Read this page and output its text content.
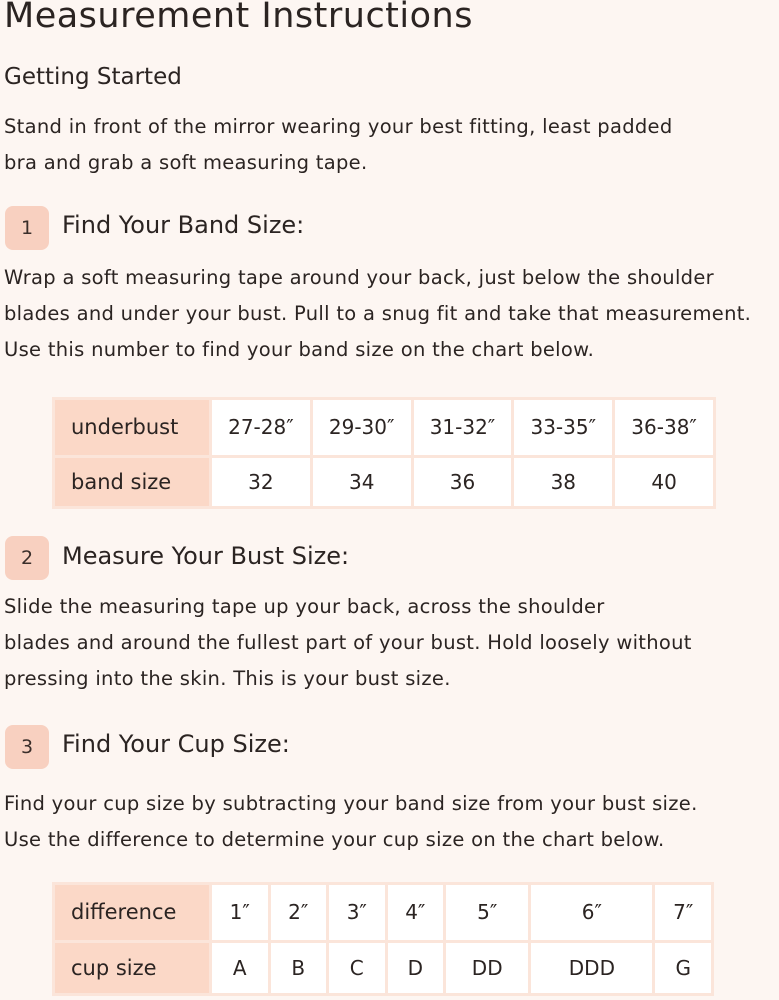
Measurement Instructions
Getting Started
Stand in front of the mirror wearing your best fitting, least padded
bra and grab a soft measuring tape.
1	Find Your Band Size:
Wrap a soft measuring tape around your back, just below the shoulder
blades and under your bust. Pull to a snug fit and take that measurement.
Use this number to find your band size on the chart below.
underbust	27-28″	29-30″	31-32″	33-35″	36-38″
band size	32	34	36	38	40
2	Measure Your Bust Size:
Slide the measuring tape up your back, across the shoulder
blades and around the fullest part of your bust. Hold loosely without
pressing into the skin. This is your bust size.
3	Find Your Cup Size:
Find your cup size by subtracting your band size from your bust size.
Use the difference to determine your cup size on the chart below.
difference	1″	2″	3″	4″	5″	6″	7″
cup size	A	B	C	D	DD	DDD	G
